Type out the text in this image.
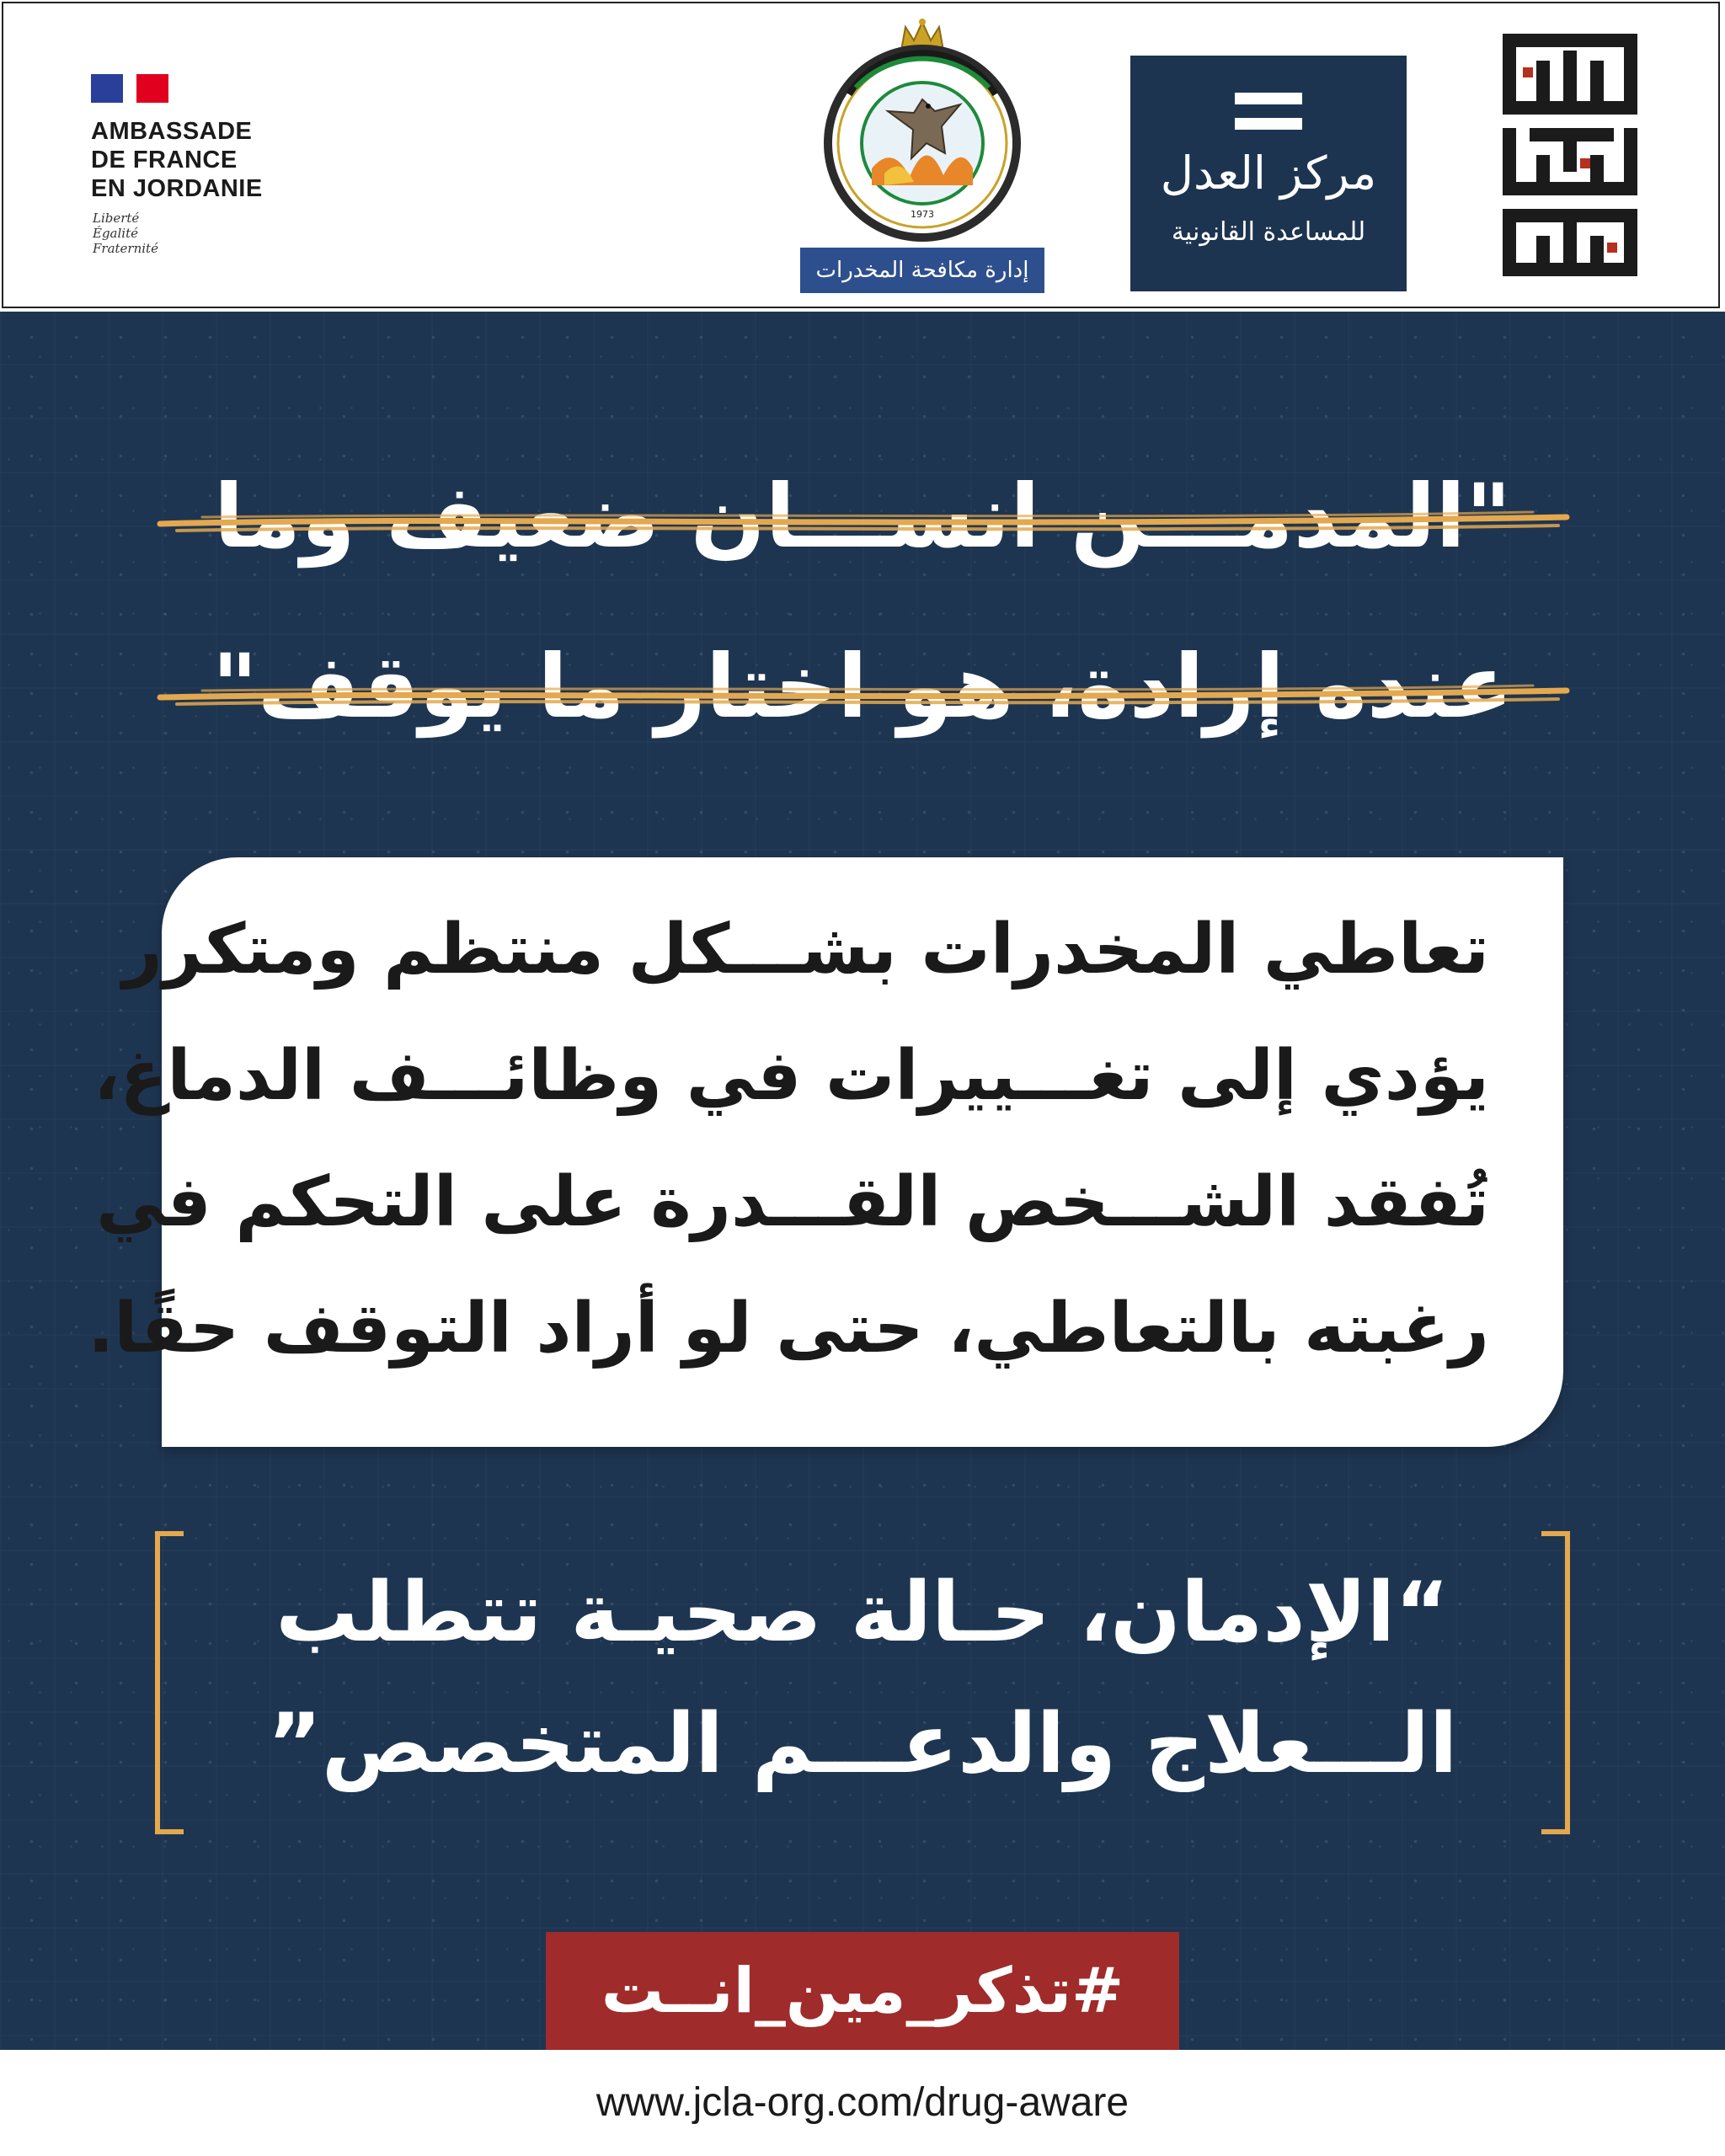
AMBASSADE
DE FRANCE
EN JORDANIE
Liberté
Égalité
Fraternité
1973
إدارة مكافحة المخدرات
مركز العدل
للمساعدة القانونية
"المدمـــن انســـان ضعيف وما
عنده إرادة، هو اختار ما يوقف"
تعاطي المخدرات بشـــكل منتظم ومتكرر
يؤدي إلى تغـــييرات في وظائـــف الدماغ،
تُفقد الشـــخص القـــدرة على التحكم في
رغبته بالتعاطي، حتى لو أراد التوقف حقًا.
“الإدمان، حـالة صحيـة تتطلب
الـــعلاج والدعـــم المتخصص”
#تذكر_مين_انــت
www.jcla-org.com/drug-aware
